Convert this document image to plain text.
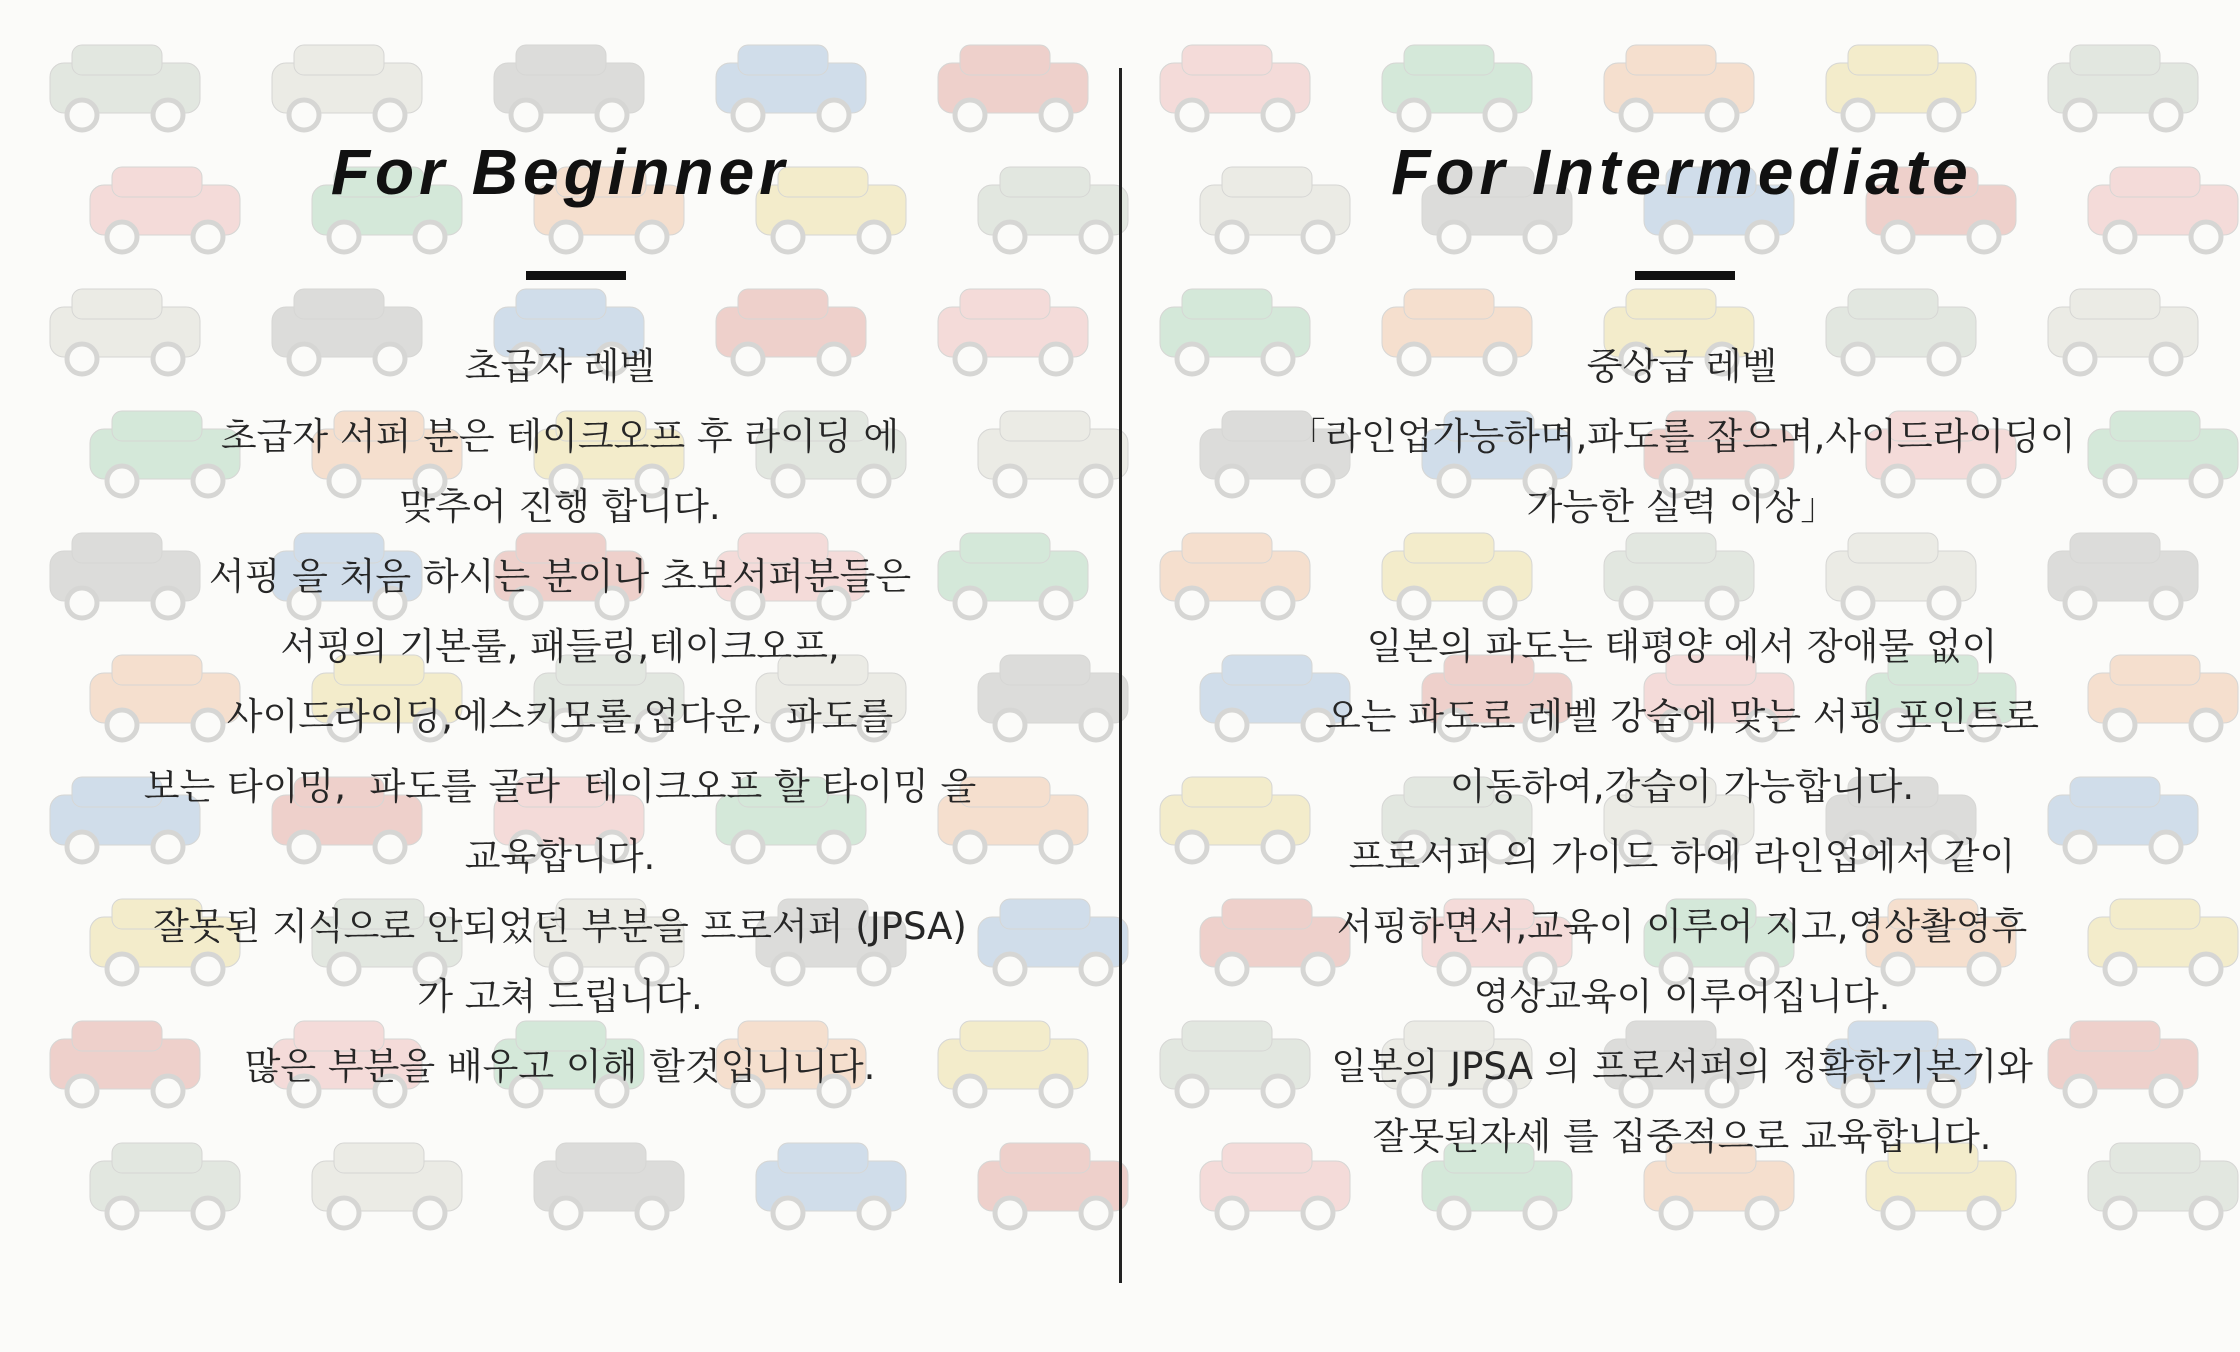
For Beginner
초급자 레벨
초급자 서퍼 분은 테이크오프 후 라이딩 에
맞추어 진행 합니다.
서핑 을 처음 하시는 분이나 초보서퍼분들은
서핑의 기본룰, 패들링,테이크오프,
사이드라이딩,에스키모롤,업다운,  파도를
보는 타이밍,  파도를 골라  테이크오프 할 타이밍 을
교육합니다.
잘못된 지식으로 안되었던 부분을 프로서퍼 (JPSA)
가 고쳐 드립니다.
많은 부분을 배우고 이해 할것입니니다.
For Intermediate
중상급 레벨
「라인업가능하며,파도를 잡으며,사이드라이딩이
가능한 실력 이상」
일본의 파도는 태평양 에서 장애물 없이
오는 파도로 레벨 강습에 맞는 서핑 포인트로
이동하여,강습이 가능합니다.
프로서퍼 의 가이드 하에 라인업에서 같이
서핑하면서,교육이 이루어 지고,영상촬영후
영상교육이 이루어집니다.
일본의 JPSA 의 프로서퍼의 정확한기본기와
잘못된자세 를 집중적으로 교육합니다.
